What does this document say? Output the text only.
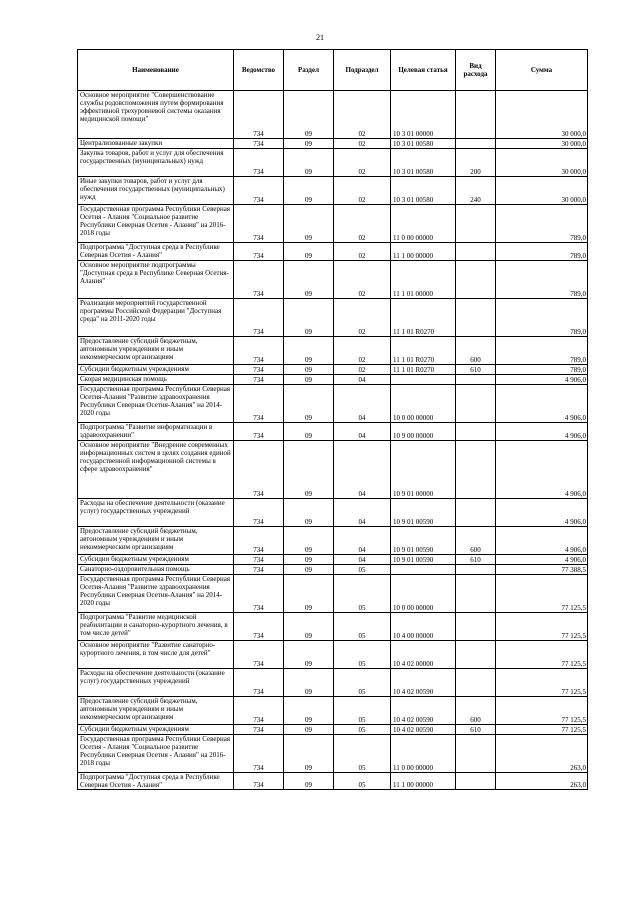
21
Наименование	Ведомство	Раздел	Подраздел	Целевая статья	Вид расхода	Сумма
Основное мероприятие "Совершенствование службы родовспоможения путем формирования эффективной трехуровневой системы оказания медицинской помощи"	734	09	02	10 3 01 00000		30 000,0
Централизованные закупки	734	09	02	10 3 01 00580		30 000,0
Закупка товаров, работ и услуг для обеспечения государственных (муниципальных) нужд	734	09	02	10 3 01 00580	200	30 000,0
Иные закупки товаров, работ и услуг для обеспечения государственных (муниципальных) нужд	734	09	02	10 3 01 00580	240	30 000,0
Государственная программа Республики Северная Осетия - Алания "Социальное развитие Республики Северная Осетия - Алания" на 2016-2018 годы	734	09	02	11 0 00 00000		789,0
Подпрограмма "Доступная среда в Республике Северная Осетия - Алания"	734	09	02	11 1 00 00000		789,0
Основное мероприятие подпрограммы "Доступная среда в Республике Северная Осетия-Алания"	734	09	02	11 1 01 00000		789,0
Реализация мероприятий государственной программы Российской Федерации "Доступная среда" на 2011-2020 годы	734	09	02	11 1 01 R0270		789,0
Предоставление субсидий бюджетным, автономным учреждениям и иным некоммерческим организациям	734	09	02	11 1 01 R0270	600	789,0
Субсидии бюджетным учреждениям	734	09	02	11 1 01 R0270	610	789,0
Скорая медицинская помощь	734	09	04			4 906,0
Государственная программа Республики Северная Осетия-Алания "Развитие здравоохранения Республики Северная Осетия-Алания" на 2014-2020 годы	734	09	04	10 0 00 00000		4 906,0
Подпрограмма "Развитие информатизации в здравоохранении"	734	09	04	10 9 00 00000		4 906,0
Основное мероприятие "Внедрение современных информационных систем в целях создания единой государственной информационной системы в сфере здравоохранения"	734	09	04	10 9 01 00000		4 906,0
Расходы на обеспечение деятельности (оказание услуг) государственных учреждений	734	09	04	10 9 01 00590		4 906,0
Предоставление субсидий бюджетным, автономным учреждениям и иным некоммерческим организациям	734	09	04	10 9 01 00590	600	4 906,0
Субсидии бюджетным учреждениям	734	09	04	10 9 01 00590	610	4 906,0
Санаторно-оздоровительная помощь	734	09	05			77 388,5
Государственная программа Республики Северная Осетия-Алания "Развитие здравоохранения Республики Северная Осетия-Алания" на 2014-2020 годы	734	09	05	10 0 00 00000		77 125,5
Подпрограмма "Развитие медицинской реабилитации и санаторно-курортного лечения, в том числе детей"	734	09	05	10 4 00 00000		77 125,5
Основное мероприятие "Развитие санаторно-курортного лечения, в том числе для детей"	734	09	05	10 4 02 00000		77 125,5
Расходы на обеспечение деятельности (оказание услуг) государственных учреждений	734	09	05	10 4 02 00590		77 125,5
Предоставление субсидий бюджетным, автономным учреждениям и иным некоммерческим организациям	734	09	05	10 4 02 00590	600	77 125,5
Субсидии бюджетным учреждениям	734	09	05	10 4 02 00590	610	77 125,5
Государственная программа Республики Северная Осетия - Алания "Социальное развитие Республики Северная Осетия - Алания" на 2016-2018 годы	734	09	05	11 0 00 00000		263,0
Подпрограмма "Доступная среда в Республике Северная Осетия - Алания"	734	09	05	11 1 00 00000		263,0
